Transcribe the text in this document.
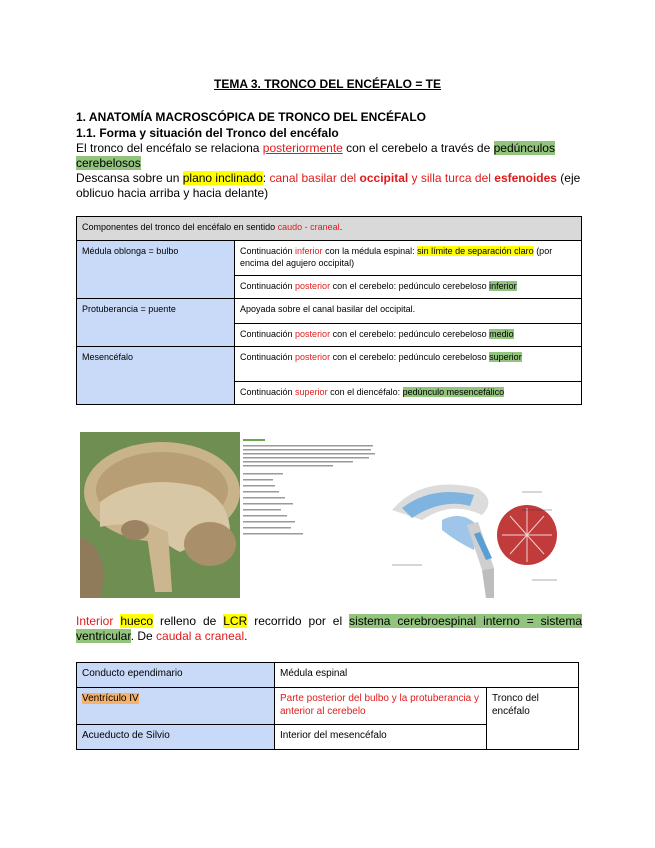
TEMA 3. TRONCO DEL ENCÉFALO = TE
1. ANATOMÍA MACROSCÓPICA DE TRONCO DEL ENCÉFALO
1.1. Forma y situación del Tronco del encéfalo
El tronco del encéfalo se relaciona posteriormente con el cerebelo a través de pedúnculos cerebelosos
Descansa sobre un plano inclinado: canal basilar del occipital y silla turca del esfenoides (eje oblicuo hacia arriba y hacia delante)
Componentes del tronco del encéfalo en sentido caudo - craneal.	
Médula oblonga = bulbo	Continuación inferior con la médula espinal: sin límite de separación claro (por encima del agujero occipital)
	Continuación posterior con el cerebelo: pedúnculo cerebeloso inferior
Protuberancia = puente	Apoyada sobre el canal basilar del occipital.
	Continuación posterior con el cerebelo: pedúnculo cerebeloso medio
Mesencéfalo	Continuación posterior con el cerebelo: pedúnculo cerebeloso superior
	Continuación superior con el diencéfalo: pedúnculo mesencefálico
Interior hueco relleno de LCR recorrido por el sistema cerebroespinal interno = sistema ventricular. De caudal a craneal.
Conducto ependimario	Médula espinal	
Ventrículo IV	Parte posterior del bulbo y la protuberancia y anterior al cerebelo	Tronco del encéfalo
Acueducto de Silvio	Interior del mesencéfalo	
